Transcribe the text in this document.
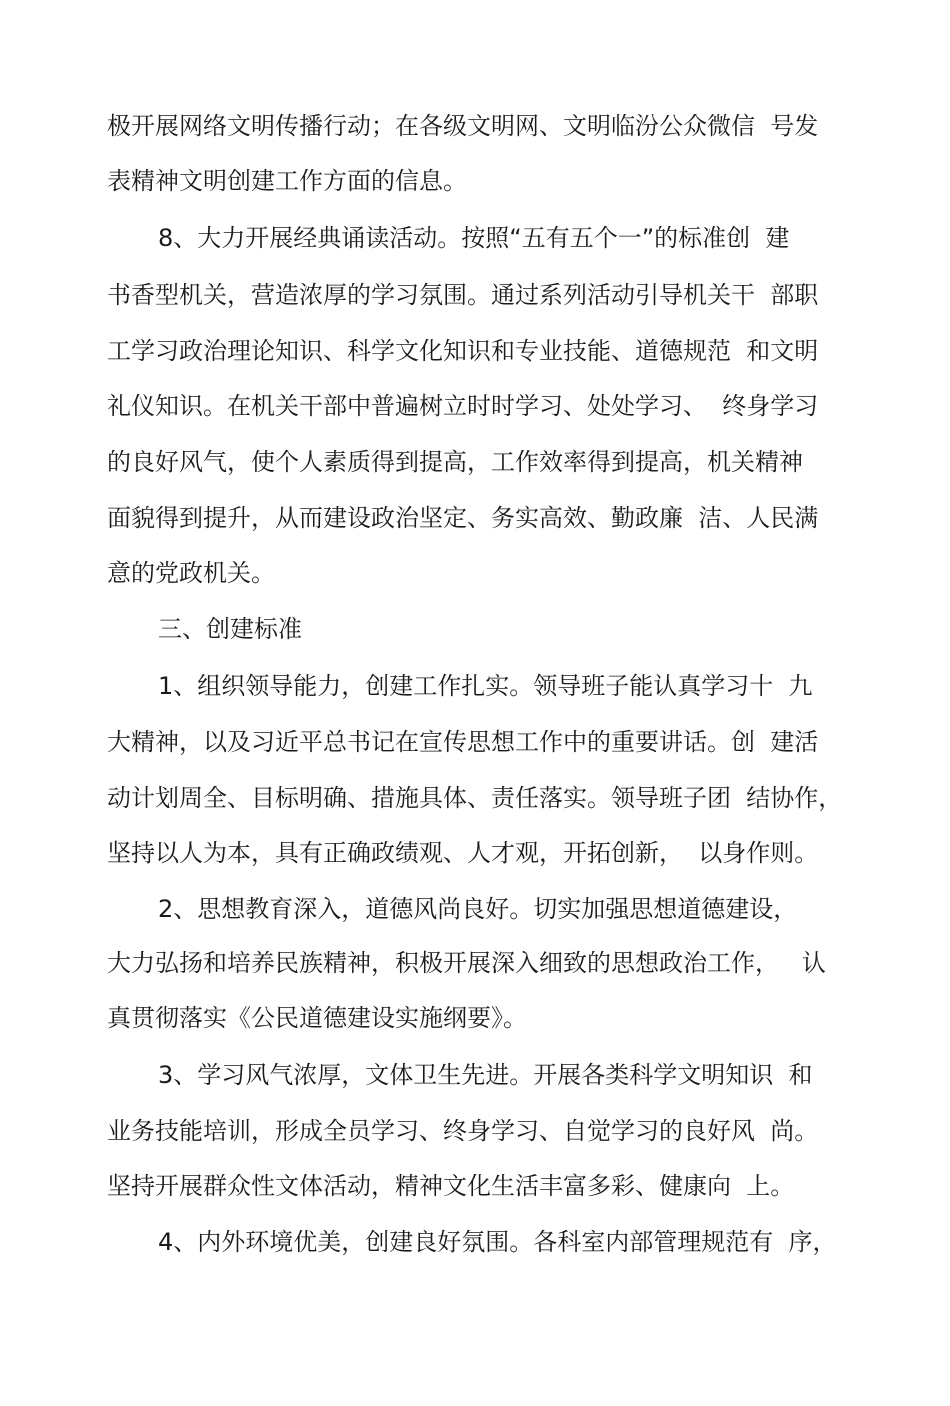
极开展网络文明传播行动；在各级文明网、文明临汾公众微信  号发
表精神文明创建工作方面的信息。
8、大力开展经典诵读活动。按照“五有五个一”的标准创  建
书香型机关，营造浓厚的学习氛围。通过系列活动引导机关干  部职
工学习政治理论知识、科学文化知识和专业技能、道德规范  和文明
礼仪知识。在机关干部中普遍树立时时学习、处处学习、  终身学习
的良好风气，使个人素质得到提高，工作效率得到提高，机关精神
面貌得到提升，从而建设政治坚定、务实高效、勤政廉  洁、人民满
意的党政机关。
三、创建标准
1、组织领导能力，创建工作扎实。领导班子能认真学习十  九
大精神，以及习近平总书记在宣传思想工作中的重要讲话。创  建活
动计划周全、目标明确、措施具体、责任落实。领导班子团  结协作，
坚持以人为本，具有正确政绩观、人才观，开拓创新，  以身作则。
2、思想教育深入，道德风尚良好。切实加强思想道德建设，
大力弘扬和培养民族精神，积极开展深入细致的思想政治工作，   认
真贯彻落实《公民道德建设实施纲要》。
3、学习风气浓厚，文体卫生先进。开展各类科学文明知识  和
业务技能培训，形成全员学习、终身学习、自觉学习的良好风  尚。
坚持开展群众性文体活动，精神文化生活丰富多彩、健康向  上。
4、内外环境优美，创建良好氛围。各科室内部管理规范有  序，
